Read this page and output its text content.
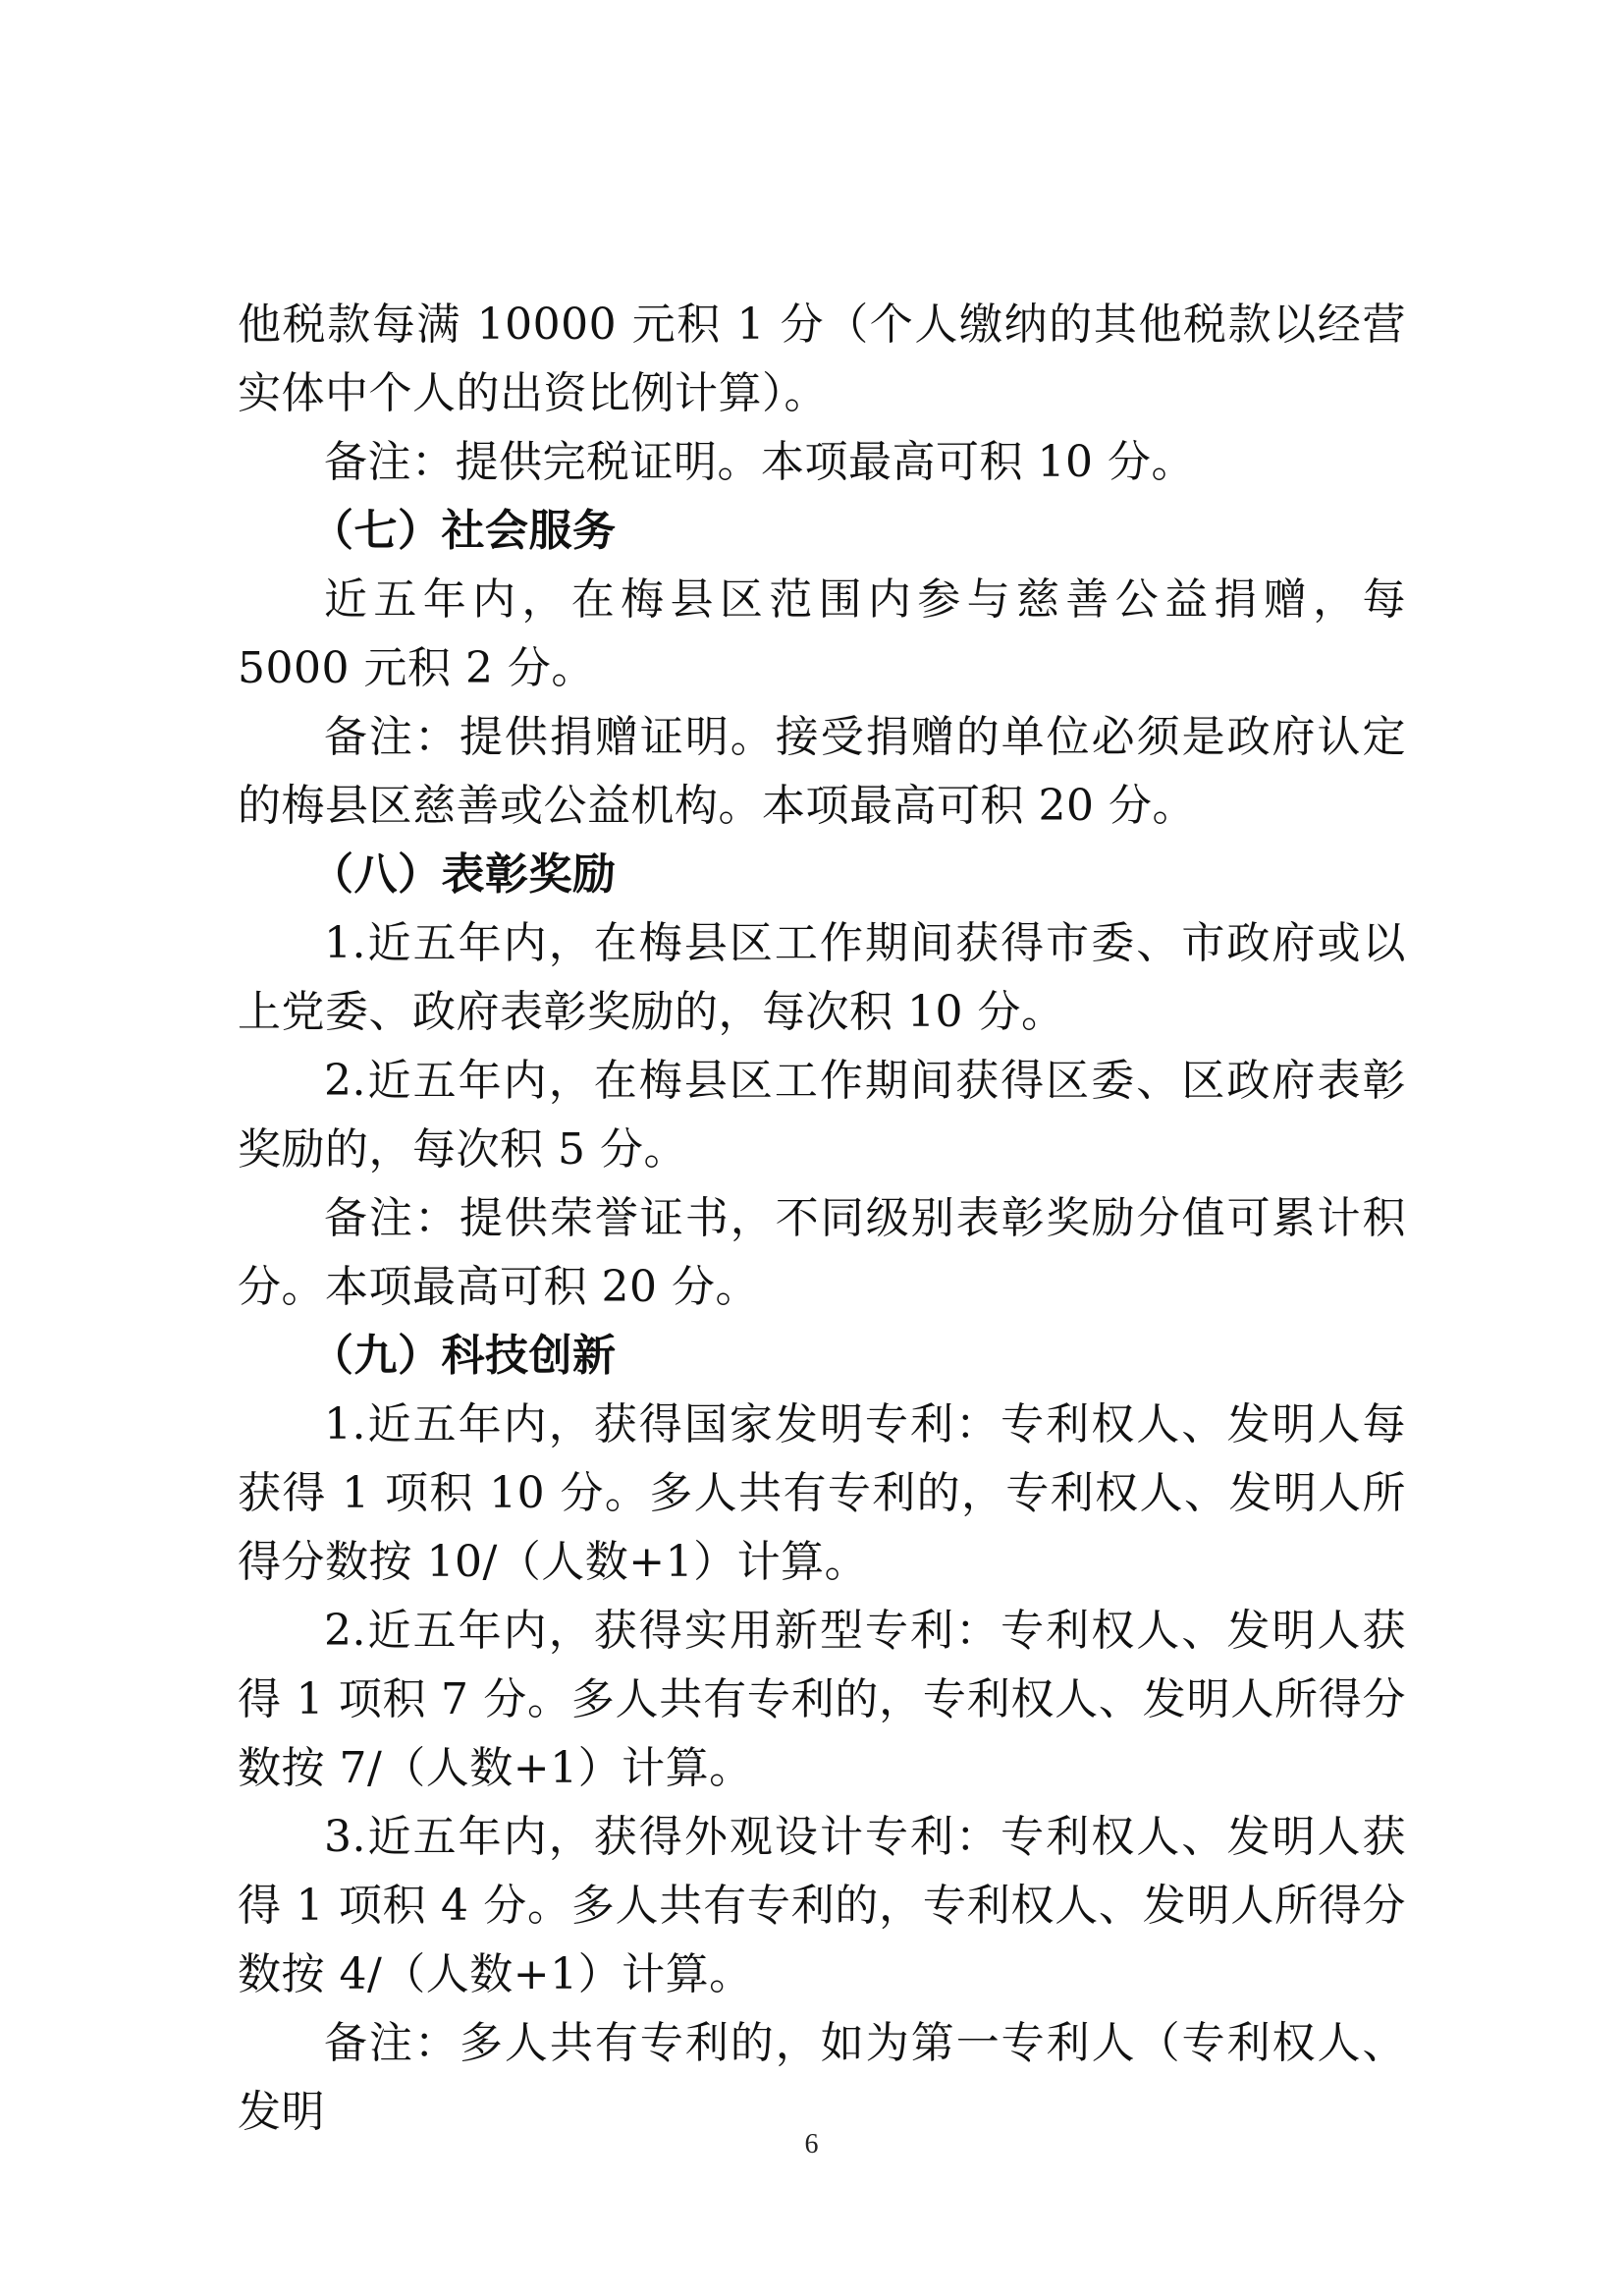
他税款每满 10000 元积 1 分（个人缴纳的其他税款以经营实体中个人的出资比例计算）。

备注：提供完税证明。本项最高可积 10 分。

（七）社会服务

近五年内，在梅县区范围内参与慈善公益捐赠，每 5000 元积 2 分。

备注：提供捐赠证明。接受捐赠的单位必须是政府认定的梅县区慈善或公益机构。本项最高可积 20 分。

（八）表彰奖励

1.近五年内，在梅县区工作期间获得市委、市政府或以上党委、政府表彰奖励的，每次积 10 分。

2.近五年内，在梅县区工作期间获得区委、区政府表彰奖励的，每次积 5 分。

备注：提供荣誉证书，不同级别表彰奖励分值可累计积分。本项最高可积 20 分。

（九）科技创新

1.近五年内，获得国家发明专利：专利权人、发明人每获得 1 项积 10 分。多人共有专利的，专利权人、发明人所得分数按 10/（人数+1）计算。

2.近五年内，获得实用新型专利：专利权人、发明人获得 1 项积 7 分。多人共有专利的，专利权人、发明人所得分数按 7/（人数+1）计算。

3.近五年内，获得外观设计专利：专利权人、发明人获得 1 项积 4 分。多人共有专利的，专利权人、发明人所得分数按 4/（人数+1）计算。

备注：多人共有专利的，如为第一专利人（专利权人、发明

6
